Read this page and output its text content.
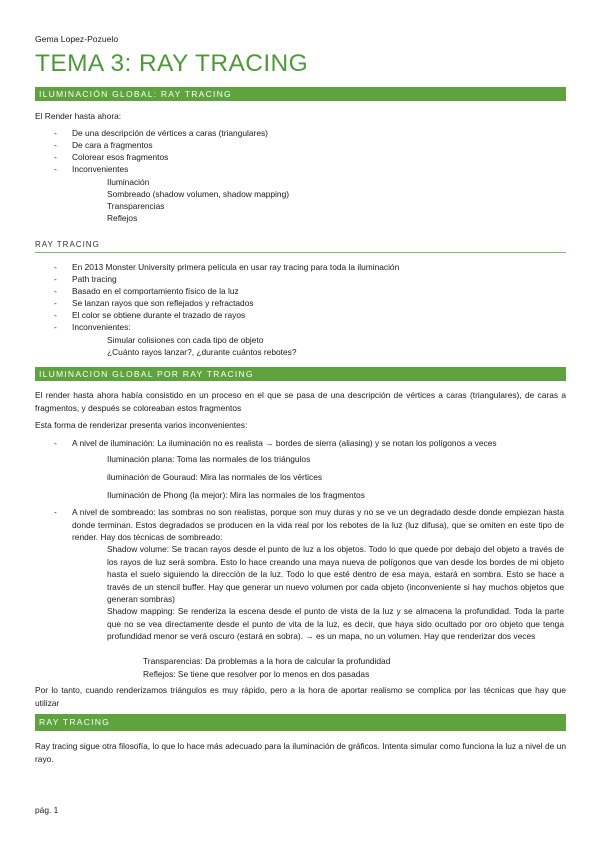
Gema Lopez-Pozuelo
TEMA 3: RAY TRACING
ILUMINACIÓN GLOBAL: RAY TRACING
El Render hasta ahora:
- De una descripción de vértices a caras (triangulares)
- De cara a fragmentos
- Colorear esos fragmentos
- Inconvenientes
Iluminación
Sombreado (shadow volumen, shadow mapping)
Transparencias
Reflejos
RAY TRACING
- En 2013 Monster University primera película en usar ray tracing para toda la iluminación
- Path tracing
- Basado en el comportamiento físico de la luz
- Se lanzan rayos que son reflejados y refractados
- El color se obtiene durante el trazado de rayos
- Inconvenientes:
Simular colisiones con cada tipo de objeto
¿Cuánto rayos lanzar?, ¿durante cuántos rebotes?
ILUMINACION GLOBAL POR RAY TRACING
El render hasta ahora había consistido en un proceso en el que se pasa de una descripción de vértices a caras (triangulares), de caras a fragmentos, y después se coloreaban estos fragmentos
Esta forma de renderizar presenta varios inconvenientes:
- A nivel de iluminación: La iluminación no es realista → bordes de sierra (aliasing) y se notan los polígonos a veces
Iluminación plana: Toma las normales de los triángulos
iluminación de Gouraud: Mira las normales de los vértices
Iluminación de Phong (la mejor): Mira las normales de los fragmentos
- A nivel de sombreado: las sombras no son realistas, porque son muy duras y no se ve un degradado desde donde empiezan hasta donde terminan. Estos degradados se producen en la vida real por los rebotes de la luz (luz difusa), que se omiten en este tipo de render. Hay dos técnicas de sombreado:
Shadow volume: Se tracan rayos desde el punto de luz a los objetos. Todo lo que quede por debajo del objeto a través de los rayos de luz será sombra. Esto lo hace creando una maya nueva de polígonos que van desde los bordes de mi objeto hasta el suelo siguiendo la dirección de la luz. Todo lo que esté dentro de esa maya, estará en sombra. Esto se hace a través de un stencil buffer. Hay que generar un nuevo volumen por cada objeto (inconveniente si hay muchos objetos que generan sombras)
Shadow mapping: Se renderiza la escena desde el punto de vista de la luz y se almacena la profundidad. Toda la parte que no se vea directamente desde el punto de vita de la luz, es decir, que haya sido ocultado por oro objeto que tenga profundidad menor se verá oscuro (estará en sobra). → es un mapa, no un volumen. Hay que renderizar dos veces
Transparencias: Da problemas a la hora de calcular la profundidad
Reflejos: Se tiene que resolver por lo menos en dos pasadas
Por lo tanto, cuando renderizamos triángulos es muy rápido, pero a la hora de aportar realismo se complica por las técnicas que hay que utilizar
RAY TRACING
Ray tracing sigue otra filosofía, lo que lo hace más adecuado para la iluminación de gráficos. Intenta simular como funciona la luz a nivel de un rayo.
pág. 1
